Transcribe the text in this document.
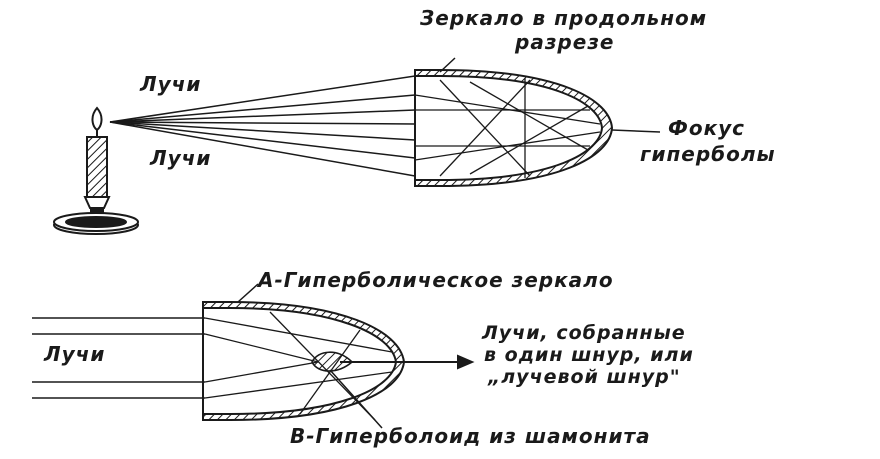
Зеркало в продольном
разрезе
Лучи
Лучи
Фокус
гиперболы
А-Гиперболическое зеркало
Лучи
Лучи, собранные
в один шнур, или
„лучевой шнур"
В-Гиперболоид из шамонита
